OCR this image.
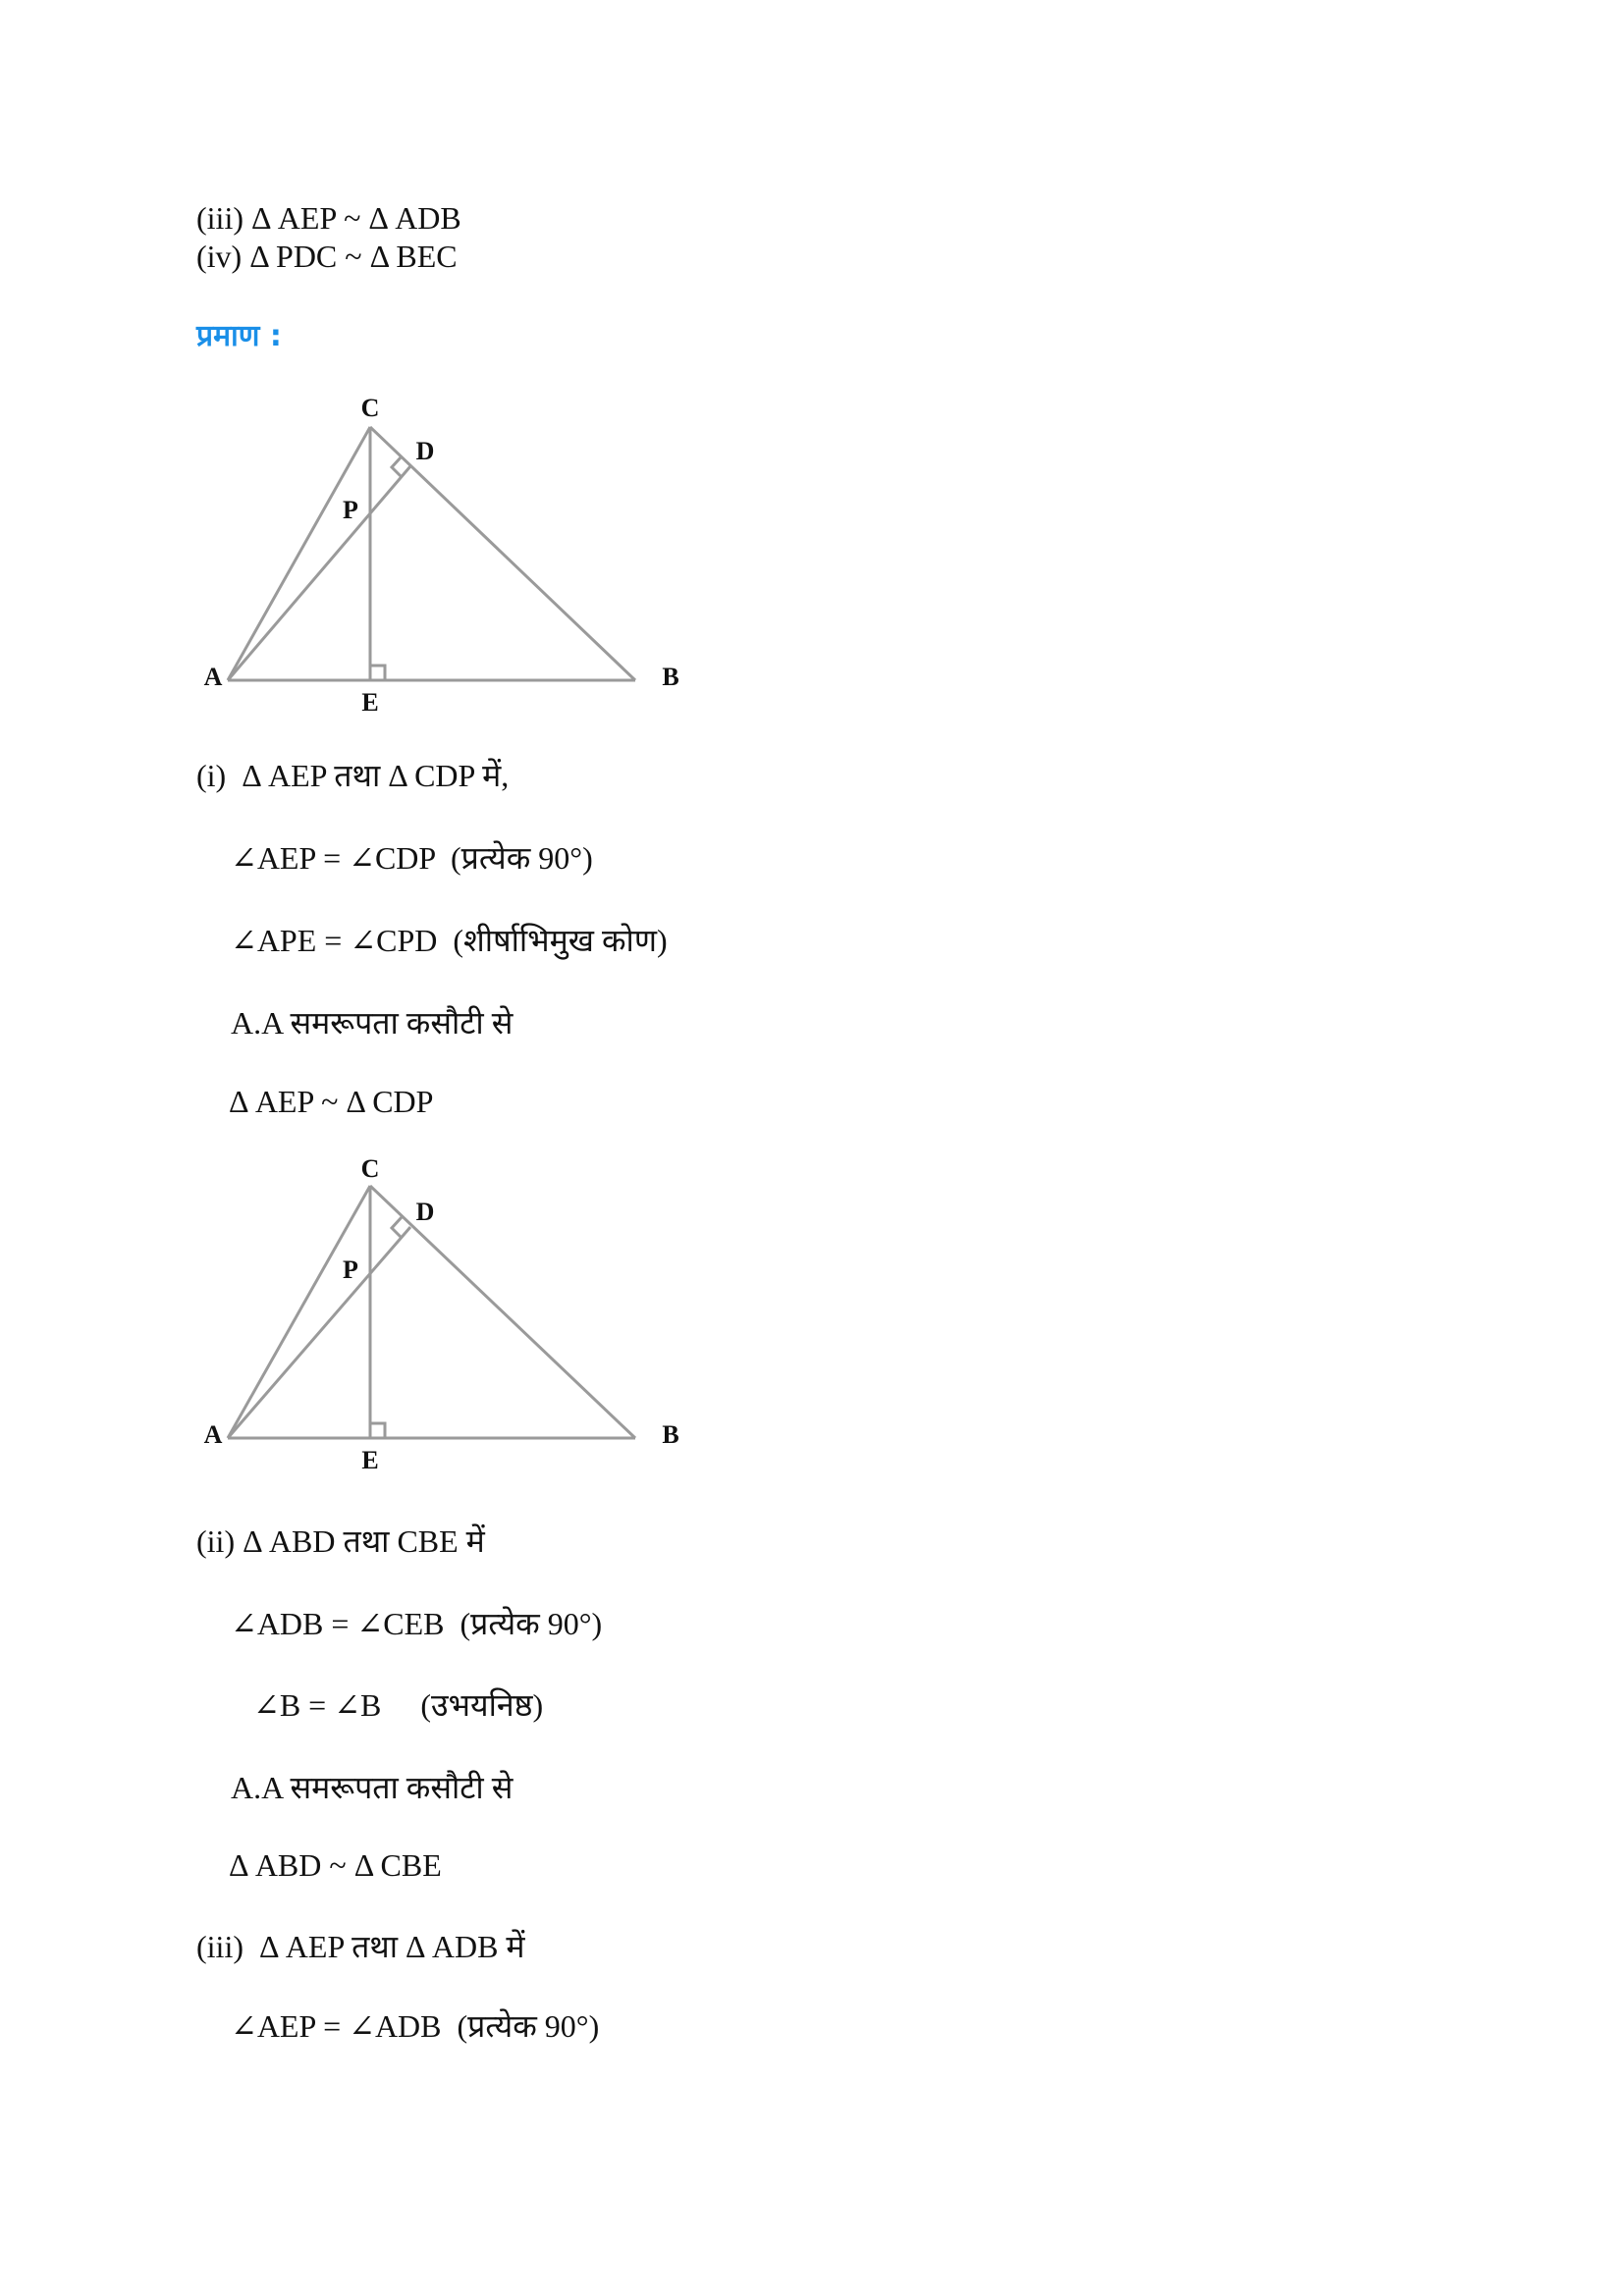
(iii) Δ AEP ~ Δ ADB
(iv) Δ PDC ~ Δ BEC
प्रमाण :
C
D
P
A
E
B
(i)  Δ AEP तथा Δ CDP में,
∠AEP = ∠CDP  (प्रत्येक 90°)
∠APE = ∠CPD  (शीर्षाभिमुख कोण)
A.A समरूपता कसौटी से
Δ AEP ~ Δ CDP
C
D
P
A
E
B
(ii) Δ ABD तथा CBE में
∠ADB = ∠CEB  (प्रत्येक 90°)
∠B = ∠B     (उभयनिष्ठ)
A.A समरूपता कसौटी से
Δ ABD ~ Δ CBE
(iii)  Δ AEP तथा Δ ADB में
∠AEP = ∠ADB  (प्रत्येक 90°)
